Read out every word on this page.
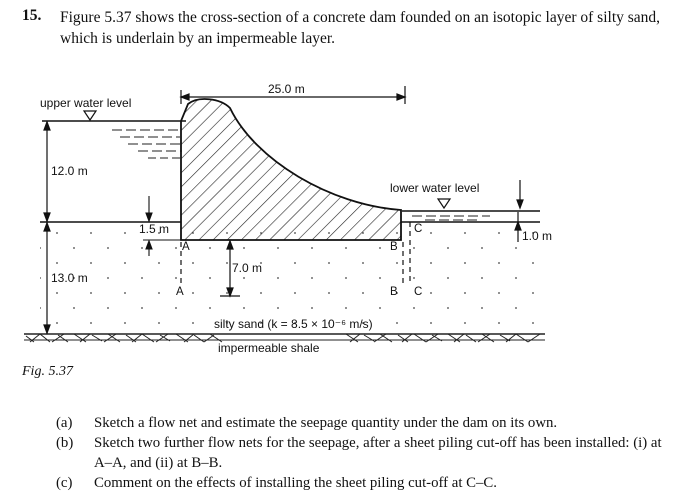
15. Figure 5.37 shows the cross-section of a concrete dam founded on an isotopic layer of silty sand, which is underlain by an impermeable layer.
25.0 m
upper water level
lower water level
12.0 m
13.0 m
1.5 m
A
A
7.0 m
B
B
C
C
1.0 m
silty sand (k = 8.5 × 10⁻⁶ m/s)
impermeable shale
Fig. 5.37
(a) Sketch a flow net and estimate the seepage quantity under the dam on its own.
(b) Sketch two further flow nets for the seepage, after a sheet piling cut-off has been installed: (i) at A–A, and (ii) at B–B.
(c) Comment on the effects of installing the sheet piling cut-off at C–C.
